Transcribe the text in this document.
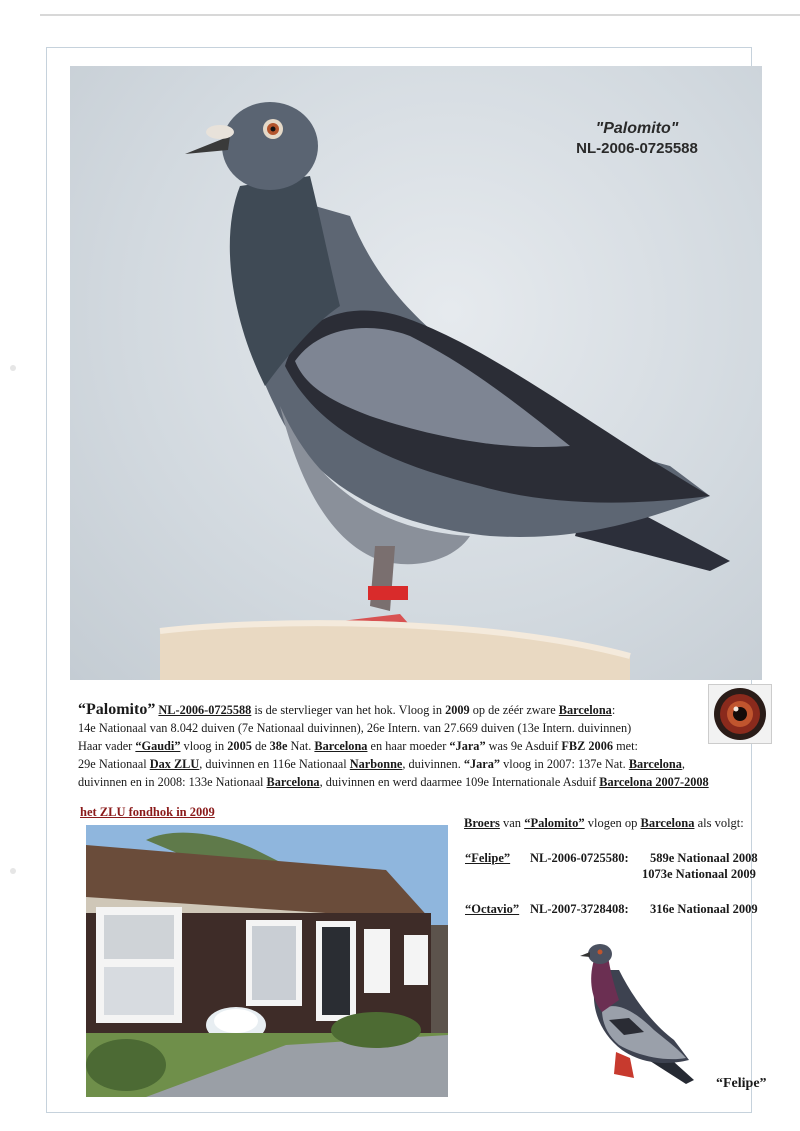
"Palomito"
NL-2006-0725588

“Palomito” NL-2006-0725588 is de stervlieger van het hok. Vloog in 2009 op de zéér zware Barcelona:

14e Nationaal van 8.042 duiven (7e Nationaal duivinnen), 26e Intern. van 27.669 duiven (13e Intern. duivinnen)

Haar vader “Gaudi” vloog in 2005 de 38e Nat. Barcelona en haar moeder “Jara” was 9e Asduif FBZ 2006 met:

29e Nationaal Dax ZLU, duivinnen en 116e Nationaal Narbonne, duivinnen. “Jara” vloog in 2007: 137e Nat. Barcelona,

duivinnen en in 2008: 133e Nationaal Barcelona, duivinnen en werd daarmee 109e Internationale Asduif Barcelona 2007-2008

het ZLU fondhok in 2009
Broers van “Palomito” vlogen op Barcelona als volgt:
“Felipe” NL-2006-0725580: 589e Nationaal 2008
1073e Nationaal 2009
“Octavio” NL-2007-3728408: 316e Nationaal 2009
“Felipe”
